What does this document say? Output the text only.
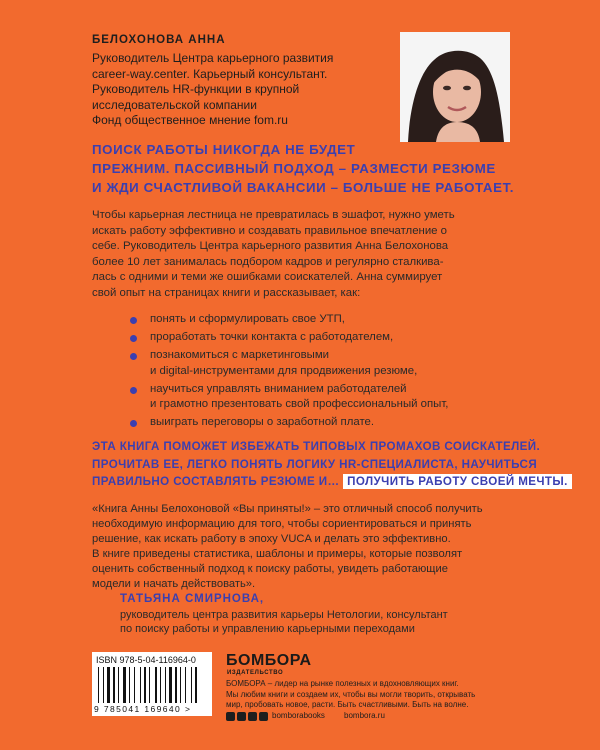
БЕЛОХОНОВА АННА
Руководитель Центра карьерного развития
career-way.center. Карьерный консультант.
Руководитель HR-функции в крупной
исследовательской компании
Фонд общественное мнение fom.ru
ПОИСК РАБОТЫ НИКОГДА НЕ БУДЕТ
ПРЕЖНИМ. ПАССИВНЫЙ ПОДХОД – РАЗМЕСТИ РЕЗЮМЕ
И ЖДИ СЧАСТЛИВОЙ ВАКАНСИИ – БОЛЬШЕ НЕ РАБОТАЕТ.
Чтобы карьерная лестница не превратилась в эшафот, нужно уметь
искать работу эффективно и создавать правильное впечатление о
себе. Руководитель Центра карьерного развития Анна Белохонова
более 10 лет занималась подбором кадров и регулярно сталкива-
лась с одними и теми же ошибками соискателей. Анна суммирует
свой опыт на страницах книги и рассказывает, как:
понять и сформулировать свое УТП,
проработать точки контакта с работодателем,
познакомиться с маркетинговыми
и digital-инструментами для продвижения резюме,
научиться управлять вниманием работодателей
и грамотно презентовать свой профессиональный опыт,
выиграть переговоры о заработной плате.
ЭТА КНИГА ПОМОЖЕТ ИЗБЕЖАТЬ ТИПОВЫХ ПРОМАХОВ СОИСКАТЕЛЕЙ.
ПРОЧИТАВ ЕЕ, ЛЕГКО ПОНЯТЬ ЛОГИКУ HR-СПЕЦИАЛИСТА, НАУЧИТЬСЯ
ПРАВИЛЬНО СОСТАВЛЯТЬ РЕЗЮМЕ И… ПОЛУЧИТЬ РАБОТУ СВОЕЙ МЕЧТЫ.
«Книга Анны Белохоновой «Вы приняты!» – это отличный способ получить
необходимую информацию для того, чтобы сориентироваться и принять
решение, как искать работу в эпоху VUCA и делать это эффективно.
В книге приведены статистика, шаблоны и примеры, которые позволят
оценить собственный подход к поиску работы, увидеть работающие
модели и начать действовать».
ТАТЬЯНА СМИРНОВА,
руководитель центра развития карьеры Нетологии, консультант
по поиску работы и управлению карьерными переходами
ISBN 978-5-04-116964-0
9 785041 169640 >
БОМБОРА
ИЗДАТЕЛЬСТВО
БОМБОРА – лидер на рынке полезных и вдохновляющих книг.
Мы любим книги и создаем их, чтобы вы могли творить, открывать
мир, пробовать новое, расти. Быть счастливыми. Быть на волне.
bomborabooks bombora.ru
